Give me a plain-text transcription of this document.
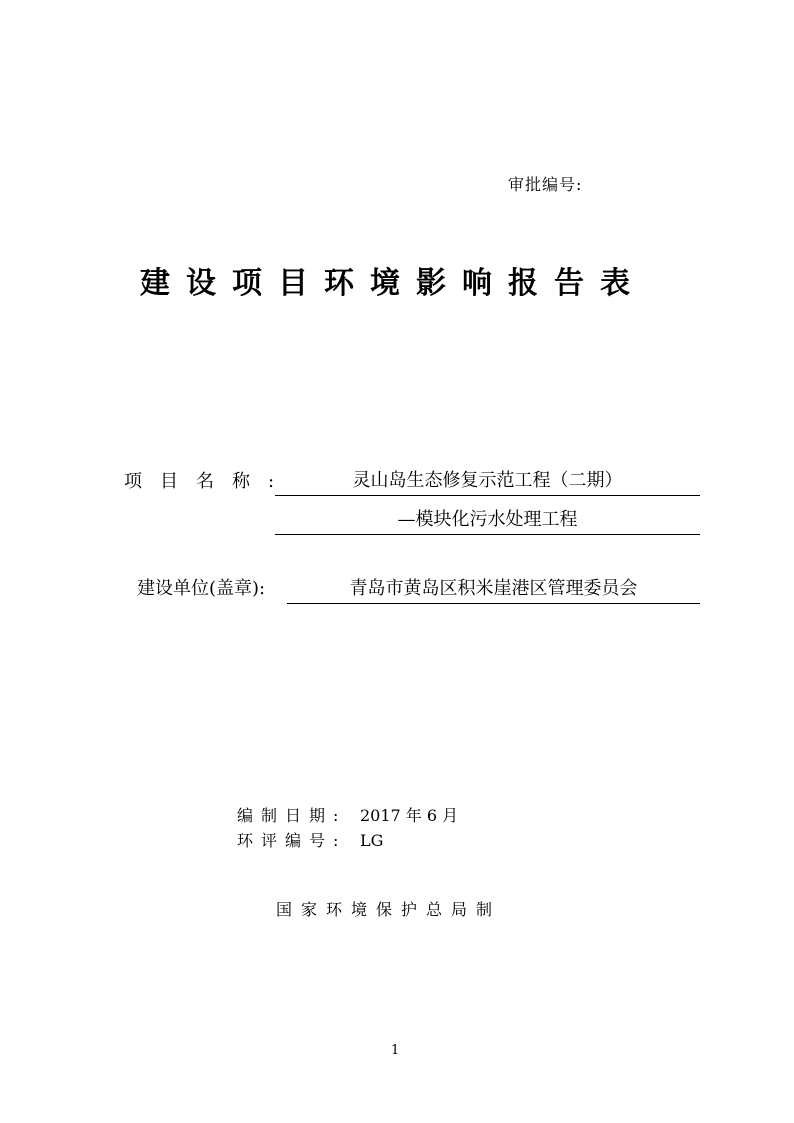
审批编号:
建设项目环境影响报告表
项目名称:	灵山岛生态修复示范工程（二期）
—模块化污水处理工程
建设单位(盖章):	青岛市黄岛区积米崖港区管理委员会
编制日期: 2017 年 6 月
环评编号: LG
国家环境保护总局制
1
